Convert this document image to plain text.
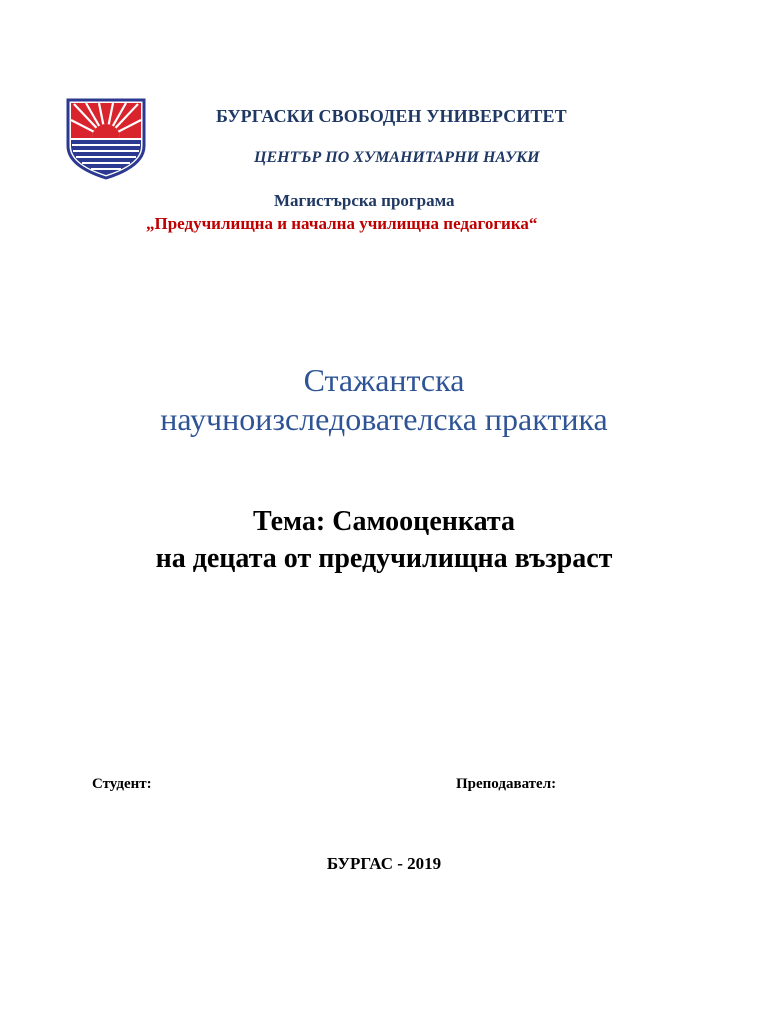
БУРГАСКИ СВОБОДЕН УНИВЕРСИТЕТ
ЦЕНТЪР ПО ХУМАНИТАРНИ НАУКИ
Магистърска програма
„Предучилищна и начална училищна педагогика“
Стажантска
научноизследователска практика
Тема: Самооценката
на децата от предучилищна възраст
Студент:	Преподавател:
БУРГАС - 2019
